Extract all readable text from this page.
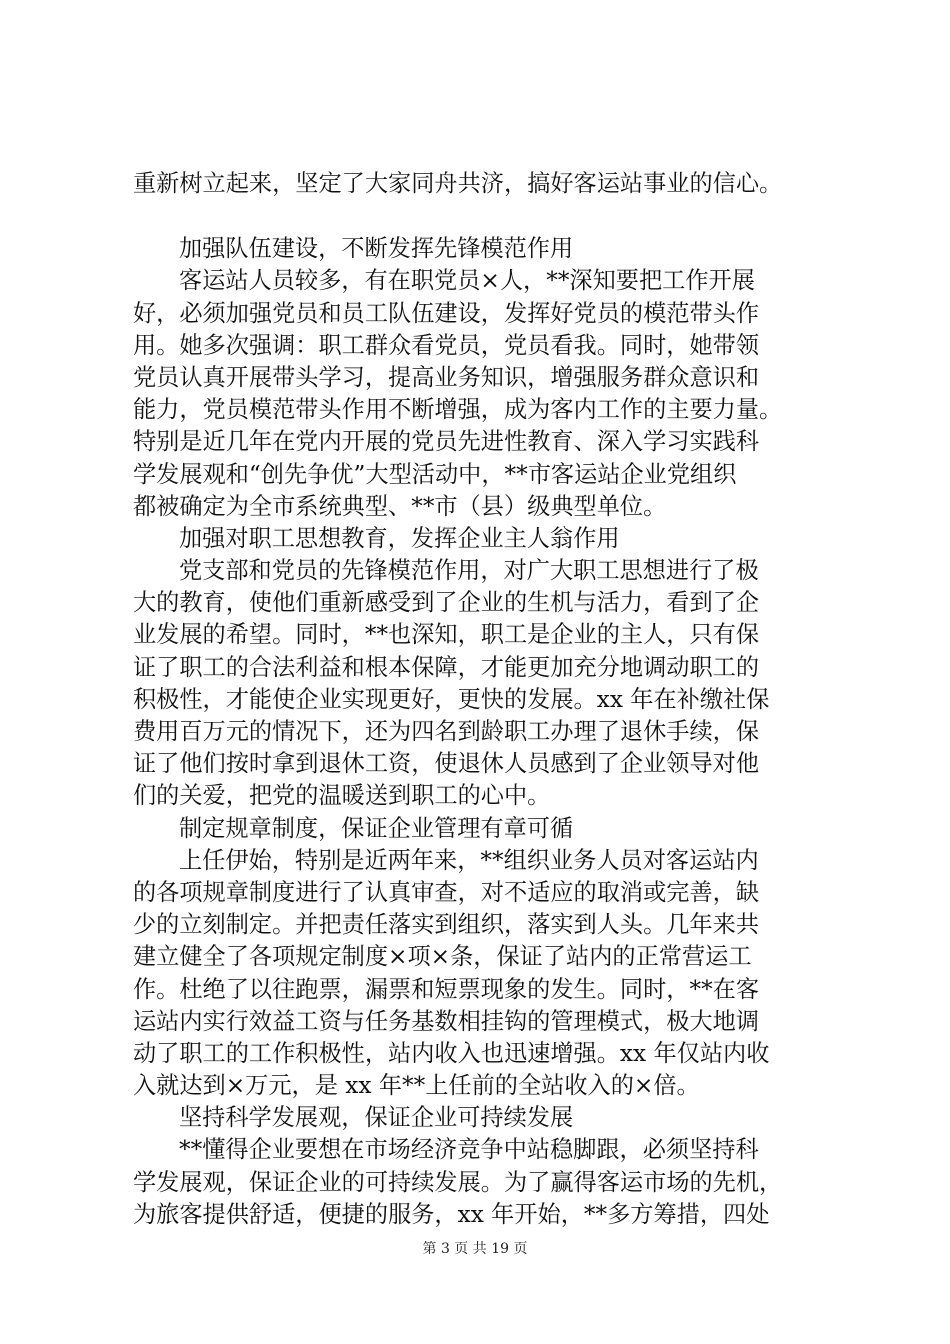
重新树立起来，坚定了大家同舟共济，搞好客运站事业的信心。
加强队伍建设，不断发挥先锋模范作用
客运站人员较多，有在职党员×人，**深知要把工作开展
好，必须加强党员和员工队伍建设，发挥好党员的模范带头作
用。她多次强调：职工群众看党员，党员看我。同时，她带领
党员认真开展带头学习，提高业务知识，增强服务群众意识和
能力，党员模范带头作用不断增强，成为客内工作的主要力量。
特别是近几年在党内开展的党员先进性教育、深入学习实践科
学发展观和“创先争优”大型活动中，**市客运站企业党组织
都被确定为全市系统典型、**市（县）级典型单位。
加强对职工思想教育，发挥企业主人翁作用
党支部和党员的先锋模范作用，对广大职工思想进行了极
大的教育，使他们重新感受到了企业的生机与活力，看到了企
业发展的希望。同时，**也深知，职工是企业的主人，只有保
证了职工的合法利益和根本保障，才能更加充分地调动职工的
积极性，才能使企业实现更好，更快的发展。xx 年在补缴社保
费用百万元的情况下，还为四名到龄职工办理了退休手续，保
证了他们按时拿到退休工资，使退休人员感到了企业领导对他
们的关爱，把党的温暖送到职工的心中。
制定规章制度，保证企业管理有章可循
上任伊始，特别是近两年来，**组织业务人员对客运站内
的各项规章制度进行了认真审查，对不适应的取消或完善，缺
少的立刻制定。并把责任落实到组织，落实到人头。几年来共
建立健全了各项规定制度×项×条，保证了站内的正常营运工
作。杜绝了以往跑票，漏票和短票现象的发生。同时，**在客
运站内实行效益工资与任务基数相挂钩的管理模式，极大地调
动了职工的工作积极性，站内收入也迅速增强。xx 年仅站内收
入就达到×万元，是 xx 年**上任前的全站收入的×倍。
坚持科学发展观，保证企业可持续发展
**懂得企业要想在市场经济竞争中站稳脚跟，必须坚持科
学发展观，保证企业的可持续发展。为了赢得客运市场的先机，
为旅客提供舒适，便捷的服务，xx 年开始，**多方筹措，四处
第 3 页 共 19 页
